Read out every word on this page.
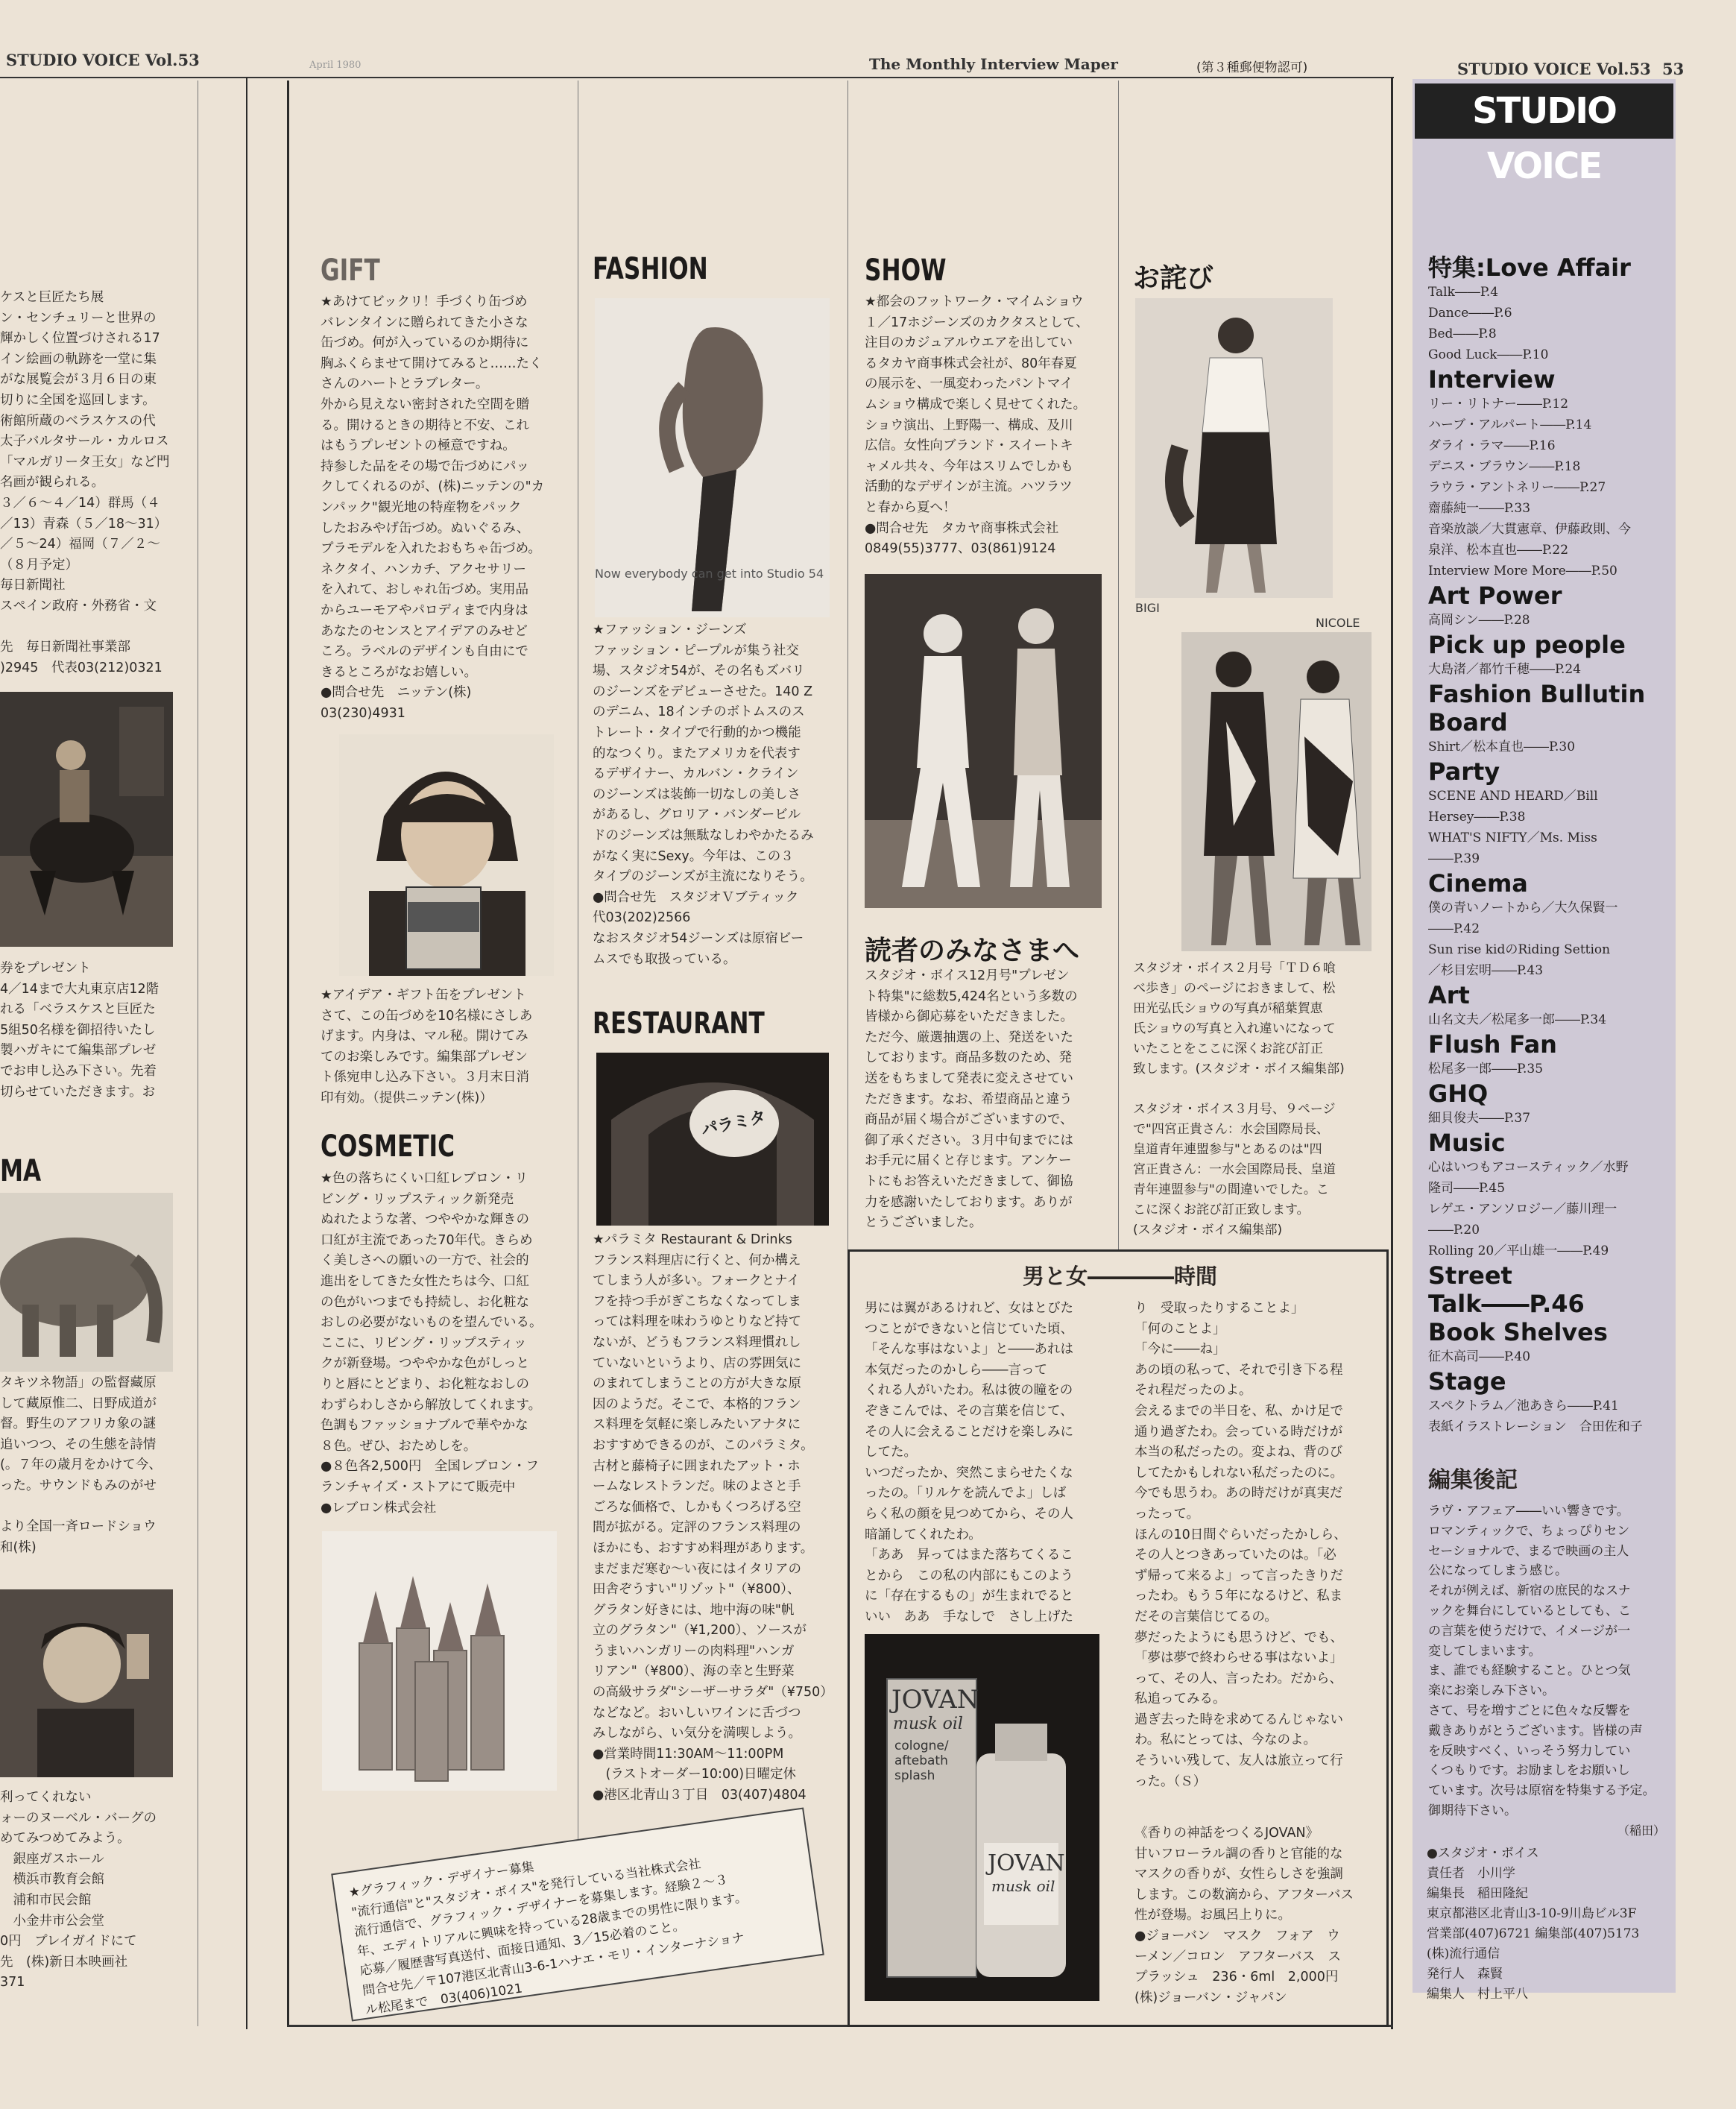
STUDIO VOICE Vol.53	April 1980	The Monthly Interview Maper	(第３種郵便物認可)	STUDIO VOICE Vol.53 53
ケスと巨匠たち展
ン・センチュリーと世界の
輝かしく位置づけされる17
イン絵画の軌跡を一堂に集
がな展覧会が３月６日の東
切りに全国を巡回します。
術館所蔵のベラスケスの代
太子バルタサール・カルロス
「マルガリータ王女」など門
名画が観られる。
３／６～４／14）群馬（４
／13）青森（５／18～31）
／５～24）福岡（７／２～
（８月予定）
毎日新聞社
スペイン政府・外務省・文

先　毎日新聞社事業部
)2945　代表03(212)0321
券をプレゼント
4／14まで大丸東京店12階
れる「ベラスケスと巨匠た
5組50名様を御招待いたし
製ハガキにて編集部プレゼ
でお申し込み下さい。先着
切らせていただきます。お
MA
タキツネ物語」の監督藏原
して藏原惟二、日野成道が
督。野生のアフリカ象の謎
追いつつ、その生態を詩情
(。７年の歳月をかけて今、
った。サウンドもみのがせ

より全国一斉ロードショウ
和(株)
利ってくれない
ォーのヌーベル・バーグの
めてみつめてみよう。
　銀座ガスホール
　横浜市教育会館
　浦和市民会館
　小金井市公会堂
0円　プレイガイドにて
先　(株)新日本映画社
371
GIFT
★あけてビックリ！手づくり缶づめ
バレンタインに贈られてきた小さな
缶づめ。何が入っているのか期待に
胸ふくらませて開けてみると……たく
さんのハートとラブレター。
外から見えない密封された空間を贈
る。開けるときの期待と不安、これ
はもうプレゼントの極意ですね。
持参した品をその場で缶づめにパッ
クしてくれるのが、(株)ニッテンの"カ
ンパック"観光地の特産物をパック
したおみやげ缶づめ。ぬいぐるみ、
プラモデルを入れたおもちゃ缶づめ。
ネクタイ、ハンカチ、アクセサリー
を入れて、おしゃれ缶づめ。実用品
からユーモアやパロディまで内身は
あなたのセンスとアイデアのみせど
ころ。ラベルのデザインも自由にで
きるところがなお嬉しい。
●問合せ先　ニッテン(株)
03(230)4931
★アイデア・ギフト缶をプレゼント
さて、この缶づめを10名様にさしあ
げます。内身は、マル秘。開けてみ
てのお楽しみです。編集部プレゼン
ト係宛申し込み下さい。３月末日消
印有効。（提供ニッテン(株)）
COSMETIC
★色の落ちにくい口紅レブロン・リ
ビング・リップスティック新発売
ぬれたような著、つややかな輝きの
口紅が主流であった70年代。きらめ
く美しさへの願いの一方で、社会的
進出をしてきた女性たちは今、口紅
の色がいつまでも持続し、お化粧な
おしの必要がないものを望んでいる。
ここに、リビング・リップスティッ
クが新登場。つややかな色がしっと
りと唇にとどまり、お化粧なおしの
わずらわしさから解放してくれます。
色調もファッショナブルで華やかな
８色。ぜひ、おためしを。
●８色各2,500円　全国レブロン・フ
ランチャイズ・ストアにて販売中
●レブロン株式会社
FASHION
Now everybody can get into Studio 54
★ファッション・ジーンズ
ファッション・ピープルが集う社交
場、スタジオ54が、その名もズバリ
のジーンズをデビューさせた。140 Z
のデニム、18インチのボトムスのス
トレート・タイプで行動的かつ機能
的なつくり。またアメリカを代表す
るデザイナー、カルバン・クライン
のジーンズは装飾一切なしの美しさ
があるし、グロリア・バンダービル
ドのジーンズは無駄なしわやかたるみ
がなく実にSexy。今年は、この３
タイプのジーンズが主流になりそう。
●問合せ先　スタジオＶブティック
代03(202)2566
なおスタジオ54ジーンズは原宿ビー
ムスでも取扱っている。
RESTAURANT
パラミタ
★パラミタ Restaurant & Drinks
フランス料理店に行くと、何か構え
てしまう人が多い。フォークとナイ
フを持つ手がぎこちなくなってしま
っては料理を味わうゆとりなど持て
ないが、どうもフランス料理慣れし
ていないというより、店の雰囲気に
のまれてしまうことの方が大きな原
因のようだ。そこで、本格的フラン
ス料理を気軽に楽しみたいアナタに
おすすめできるのが、このパラミタ。
古材と藤椅子に囲まれたアット・ホ
ームなレストランだ。味のよさと手
ごろな価格で、しかもくつろげる空
間が拡がる。定評のフランス料理の
ほかにも、おすすめ料理があります。
まだまだ寒む〜い夜にはイタリアの
田舎ぞうすい"リゾット"（¥800）、
グラタン好きには、地中海の味"帆
立のグラタン"（¥1,200）、ソースが
うまいハンガリーの肉料理"ハンガ
リアン"（¥800）、海の幸と生野菜
の高級サラダ"シーザーサラダ"（¥750）
などなど。おいしいワインに舌づつ
みしながら、い気分を満喫しよう。
●営業時間11:30AM～11:00PM
　(ラストオーダー10:00)日曜定休
●港区北青山３丁目　03(407)4804
SHOW
★都会のフットワーク・マイムショウ
１／17ホジーンズのカクタスとして、
注目のカジュアルウエアを出してい
るタカヤ商事株式会社が、80年春夏
の展示を、一風変わったパントマイ
ムショウ構成で楽しく見せてくれた。
ショウ演出、上野陽一、構成、及川
広信。女性向ブランド・スイートキ
ャメル共々、今年はスリムでしかも
活動的なデザインが主流。ハツラツ
と春から夏へ！
●問合せ先　タカヤ商事株式会社
0849(55)3777、03(861)9124
読者のみなさまへ
スタジオ・ボイス12月号"プレゼン
ト特集"に総数5,424名という多数の
皆様から御応募をいただきました。
ただ今、厳選抽選の上、発送をいた
しております。商品多数のため、発
送をもちまして発表に変えさせてい
ただきます。なお、希望商品と違う
商品が届く場合がございますので、
御了承ください。３月中旬までには
お手元に届くと存じます。アンケー
トにもお答えいただきまして、御協
力を感謝いたしております。ありが
とうございました。
お詫び
BIGI
NICOLE
スタジオ・ボイス２月号「ＴＤ６喰
べ歩き」のページにおきまして、松
田光弘氏ショウの写真が稲葉賀恵
氏ショウの写真と入れ違いになって
いたことをここに深くお詫び訂正
致します。(スタジオ・ボイス編集部)

スタジオ・ボイス３月号、９ページ
で"四宮正貴さん：水会国際局長、
皇道青年連盟参与"とあるのは"四
宮正貴さん：一水会国際局長、皇道
青年連盟参与"の間違いでした。こ
こに深くお詫び訂正致します。
(スタジオ・ボイス編集部)
男と女――――時間
男には翼があるけれど、女はとびた
つことができないと信じていた頃、
「そんな事はないよ」と――あれは
本気だったのかしら――言って
くれる人がいたわ。私は彼の瞳をの
ぞきこんでは、その言葉を信じて、
その人に会えることだけを楽しみに
してた。
いつだったか、突然こまらせたくな
ったの。「リルケを読んでよ」しば
らく私の顔を見つめてから、その人
暗誦してくれたわ。
「ああ　昇ってはまた落ちてくるこ
とから　この私の内部にもこのよう
に「存在するもの」が生まれでると
いい　ああ　手なしで　さし上げた
り　受取ったりすることよ」
「何のことよ」
「今に――ね」
あの頃の私って、それで引き下る程
それ程だったのよ。
会えるまでの半日を、私、かけ足で
通り過ぎたわ。会っている時だけが
本当の私だったの。変よね、背のび
してたかもしれない私だったのに。
今でも思うわ。あの時だけが真実だ
ったって。
ほんの10日間ぐらいだったかしら、
その人とつきあっていたのは。「必
ず帰って来るよ」って言ったきりだ
ったわ。もう５年になるけど、私ま
だその言葉信じてるの。
夢だったようにも思うけど、でも、
「夢は夢で終わらせる事はないよ」
って、その人、言ったわ。だから、
私追ってみる。
過ぎ去った時を求めてるんじゃない
わ。私にとっては、今なのよ。
そういい残して、友人は旅立って行
った。（Ｓ）
JOVAN
musk oil
cologne/
aftebath
splash
JOVAN
musk oil
《香りの神話をつくるJOVAN》
甘いフローラル調の香りと官能的な
マスクの香りが、女性らしさを強調
します。この数滴から、アフターバス
性が登場。お風呂上りに。
●ジョーバン　マスク　フォア　ウ
ーメン／コロン　アフターバス　ス
プラッシュ　236・6ml　2,000円
(株)ジョーバン・ジャパン
★グラフィック・デザイナー募集
"流行通信"と"スタジオ・ボイス"を発行している当社株式会社
流行通信で、グラフィック・デザイナーを募集します。経験２～３
年、エディトリアルに興味を持っている28歳までの男性に限ります。
応募／履歴書写真送付、面接日通知、3／15必着のこと。
問合せ先／〒107港区北青山3-6-1ハナエ・モリ・インターナショナ
ル松尾まで　03(406)1021
STUDIO VOICE
特集:Love Affair
Talk――P.4
Dance――P.6
Bed――P.8
Good Luck――P.10
Interview
リー・リトナー――P.12
ハーブ・アルパート――P.14
ダライ・ラマ――P.16
デニス・ブラウン――P.18
ラウラ・アントネリー――P.27
齋藤純一――P.33
音楽放談／大貫憲章、伊藤政則、今
泉洋、松本直也――P.22
Interview More More――P.50
Art Power
高岡シン――P.28
Pick up people
大島渚／都竹千穂――P.24
Fashion Bullutin Board
Shirt／松本直也――P.30
Party
SCENE AND HEARD／Bill
Hersey――P.38
WHAT'S NIFTY／Ms. Miss
――P.39
Cinema
僕の青いノートから／大久保賢一
――P.42
Sun rise kidのRiding Settion
／杉目宏明――P.43
Art
山名文夫／松尾多一郎――P.34
Flush Fan
松尾多一郎――P.35
GHQ
細貝俊夫――P.37
Music
心はいつもアコースティック／水野
隆司――P.45
レゲエ・アンソロジー／藤川理一
――P.20
Rolling 20／平山雄一――P.49
Street Talk――P.46
Book Shelves
征木高司――P.40
Stage
スペクトラム／池あきら――P.41
表紙イラストレーション　合田佐和子
編集後記
ラヴ・アフェア――いい響きです。
ロマンティックで、ちょっぴりセン
セーショナルで、まるで映画の主人
公になってしまう感じ。
それが例えば、新宿の庶民的なスナ
ックを舞台にしているとしても、こ
の言葉を使うだけで、イメージが一
変してしまいます。
ま、誰でも経験すること。ひとつ気
楽にお楽しみ下さい。
さて、号を増すごとに色々な反響を
戴きありがとうございます。皆様の声
を反映すべく、いっそう努力してい
くつもりです。お励ましをお願いし
ています。次号は原宿を特集する予定。
御期待下さい。
（稲田）
●スタジオ・ボイス
責任者　小川学
編集長　稲田隆紀
東京都港区北青山3-10-9川島ビル3F
営業部(407)6721 編集部(407)5173
(株)流行通信
発行人　森賢
編集人　村上平八
